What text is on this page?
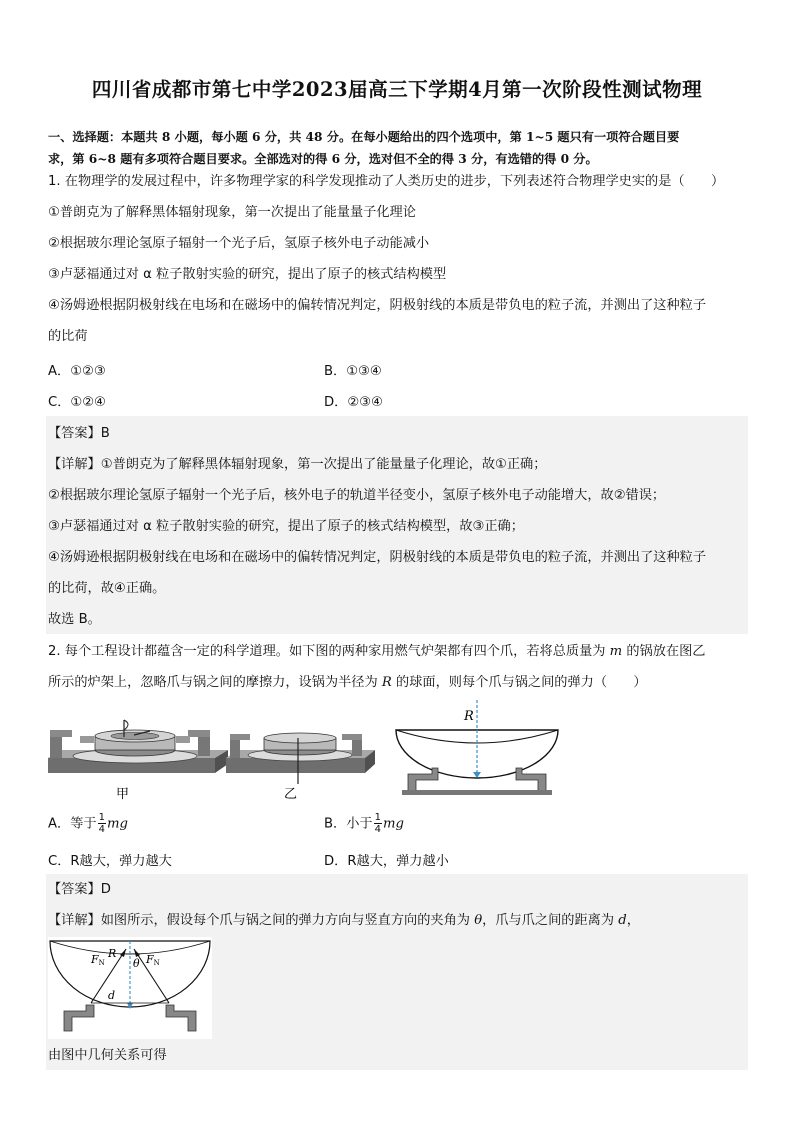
四川省成都市第七中学2023届高三下学期4月第一次阶段性测试物理
一、选择题：本题共 8 小题，每小题 6 分，共 48 分。在每小题给出的四个选项中，第 1~5 题只有一项符合题目要
求，第 6~8 题有多项符合题目要求。全部选对的得 6 分，选对但不全的得 3 分，有选错的得 0 分。
1. 在物理学的发展过程中，许多物理学家的科学发现推动了人类历史的进步，下列表述符合物理学史实的是（　　）
①普朗克为了解释黑体辐射现象，第一次提出了能量量子化理论
②根据玻尔理论氢原子辐射一个光子后，氢原子核外电子动能减小
③卢瑟福通过对 α 粒子散射实验的研究，提出了原子的核式结构模型
④汤姆逊根据阴极射线在电场和在磁场中的偏转情况判定，阴极射线的本质是带负电的粒子流，并测出了这种粒子
的比荷
A．①②③	B．①③④
C．①②④	D．②③④
【答案】B
【详解】①普朗克为了解释黑体辐射现象，第一次提出了能量量子化理论，故①正确；
②根据玻尔理论氢原子辐射一个光子后，核外电子的轨道半径变小，氢原子核外电子动能增大，故②错误；
③卢瑟福通过对 α 粒子散射实验的研究，提出了原子的核式结构模型，故③正确；
④汤姆逊根据阴极射线在电场和在磁场中的偏转情况判定，阴极射线的本质是带负电的粒子流，并测出了这种粒子
的比荷，故④正确。
故选 B。
2. 每个工程设计都蕴含一定的科学道理。如下图的两种家用燃气炉架都有四个爪，若将总质量为 m 的锅放在图乙
所示的炉架上，忽略爪与锅之间的摩擦力，设锅为半径为 R 的球面，则每个爪与锅之间的弹力（　　）
R
甲	乙
A．等于 $\frac{1}{4}$ mg	B．小于 $\frac{1}{4}$ mg
C．R越大，弹力越大	D．R越大，弹力越小
【答案】D
【详解】如图所示，假设每个爪与锅之间的弹力方向与竖直方向的夹角为 θ，爪与爪之间的距离为 d，
FN	FN
R
θ
d
由图中几何关系可得
